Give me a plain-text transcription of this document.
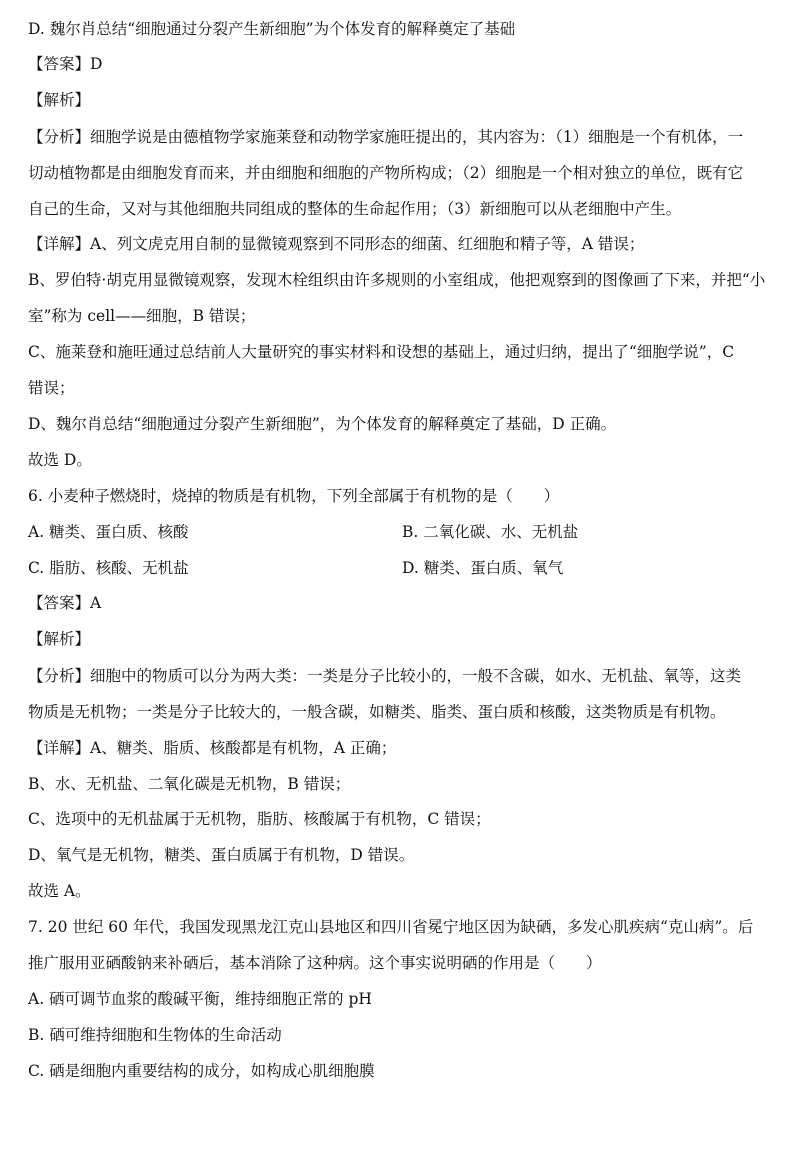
D. 魏尔肖总结“细胞通过分裂产生新细胞”为个体发育的解释奠定了基础
【答案】D
【解析】
【分析】细胞学说是由德植物学家施莱登和动物学家施旺提出的，其内容为：（1）细胞是一个有机体，一
切动植物都是由细胞发育而来，并由细胞和细胞的产物所构成；（2）细胞是一个相对独立的单位，既有它
自己的生命，又对与其他细胞共同组成的整体的生命起作用；（3）新细胞可以从老细胞中产生。
【详解】A、列文虎克用自制的显微镜观察到不同形态的细菌、红细胞和精子等，A 错误；
B、罗伯特·胡克用显微镜观察，发现木栓组织由许多规则的小室组成，他把观察到的图像画了下来，并把“小
室”称为 cell——细胞，B 错误；
C、施莱登和施旺通过总结前人大量研究的事实材料和设想的基础上，通过归纳，提出了“细胞学说”，C
错误；
D、魏尔肖总结“细胞通过分裂产生新细胞”，为个体发育的解释奠定了基础，D 正确。
故选 D。
6. 小麦种子燃烧时，烧掉的物质是有机物，下列全部属于有机物的是（　　）
A. 糖类、蛋白质、核酸	B. 二氧化碳、水、无机盐
C. 脂肪、核酸、无机盐	D. 糖类、蛋白质、氧气
【答案】A
【解析】
【分析】细胞中的物质可以分为两大类：一类是分子比较小的，一般不含碳，如水、无机盐、氧等，这类
物质是无机物；一类是分子比较大的，一般含碳，如糖类、脂类、蛋白质和核酸，这类物质是有机物。
【详解】A、糖类、脂质、核酸都是有机物，A 正确；
B、水、无机盐、二氧化碳是无机物，B 错误；
C、选项中的无机盐属于无机物，脂肪、核酸属于有机物，C 错误；
D、氧气是无机物，糖类、蛋白质属于有机物，D 错误。
故选 A。
7. 20 世纪 60 年代，我国发现黑龙江克山县地区和四川省冕宁地区因为缺硒，多发心肌疾病“克山病”。后
推广服用亚硒酸钠来补硒后，基本消除了这种病。这个事实说明硒的作用是（　　）
A. 硒可调节血浆的酸碱平衡，维持细胞正常的 pH
B. 硒可维持细胞和生物体的生命活动
C. 硒是细胞内重要结构的成分，如构成心肌细胞膜
